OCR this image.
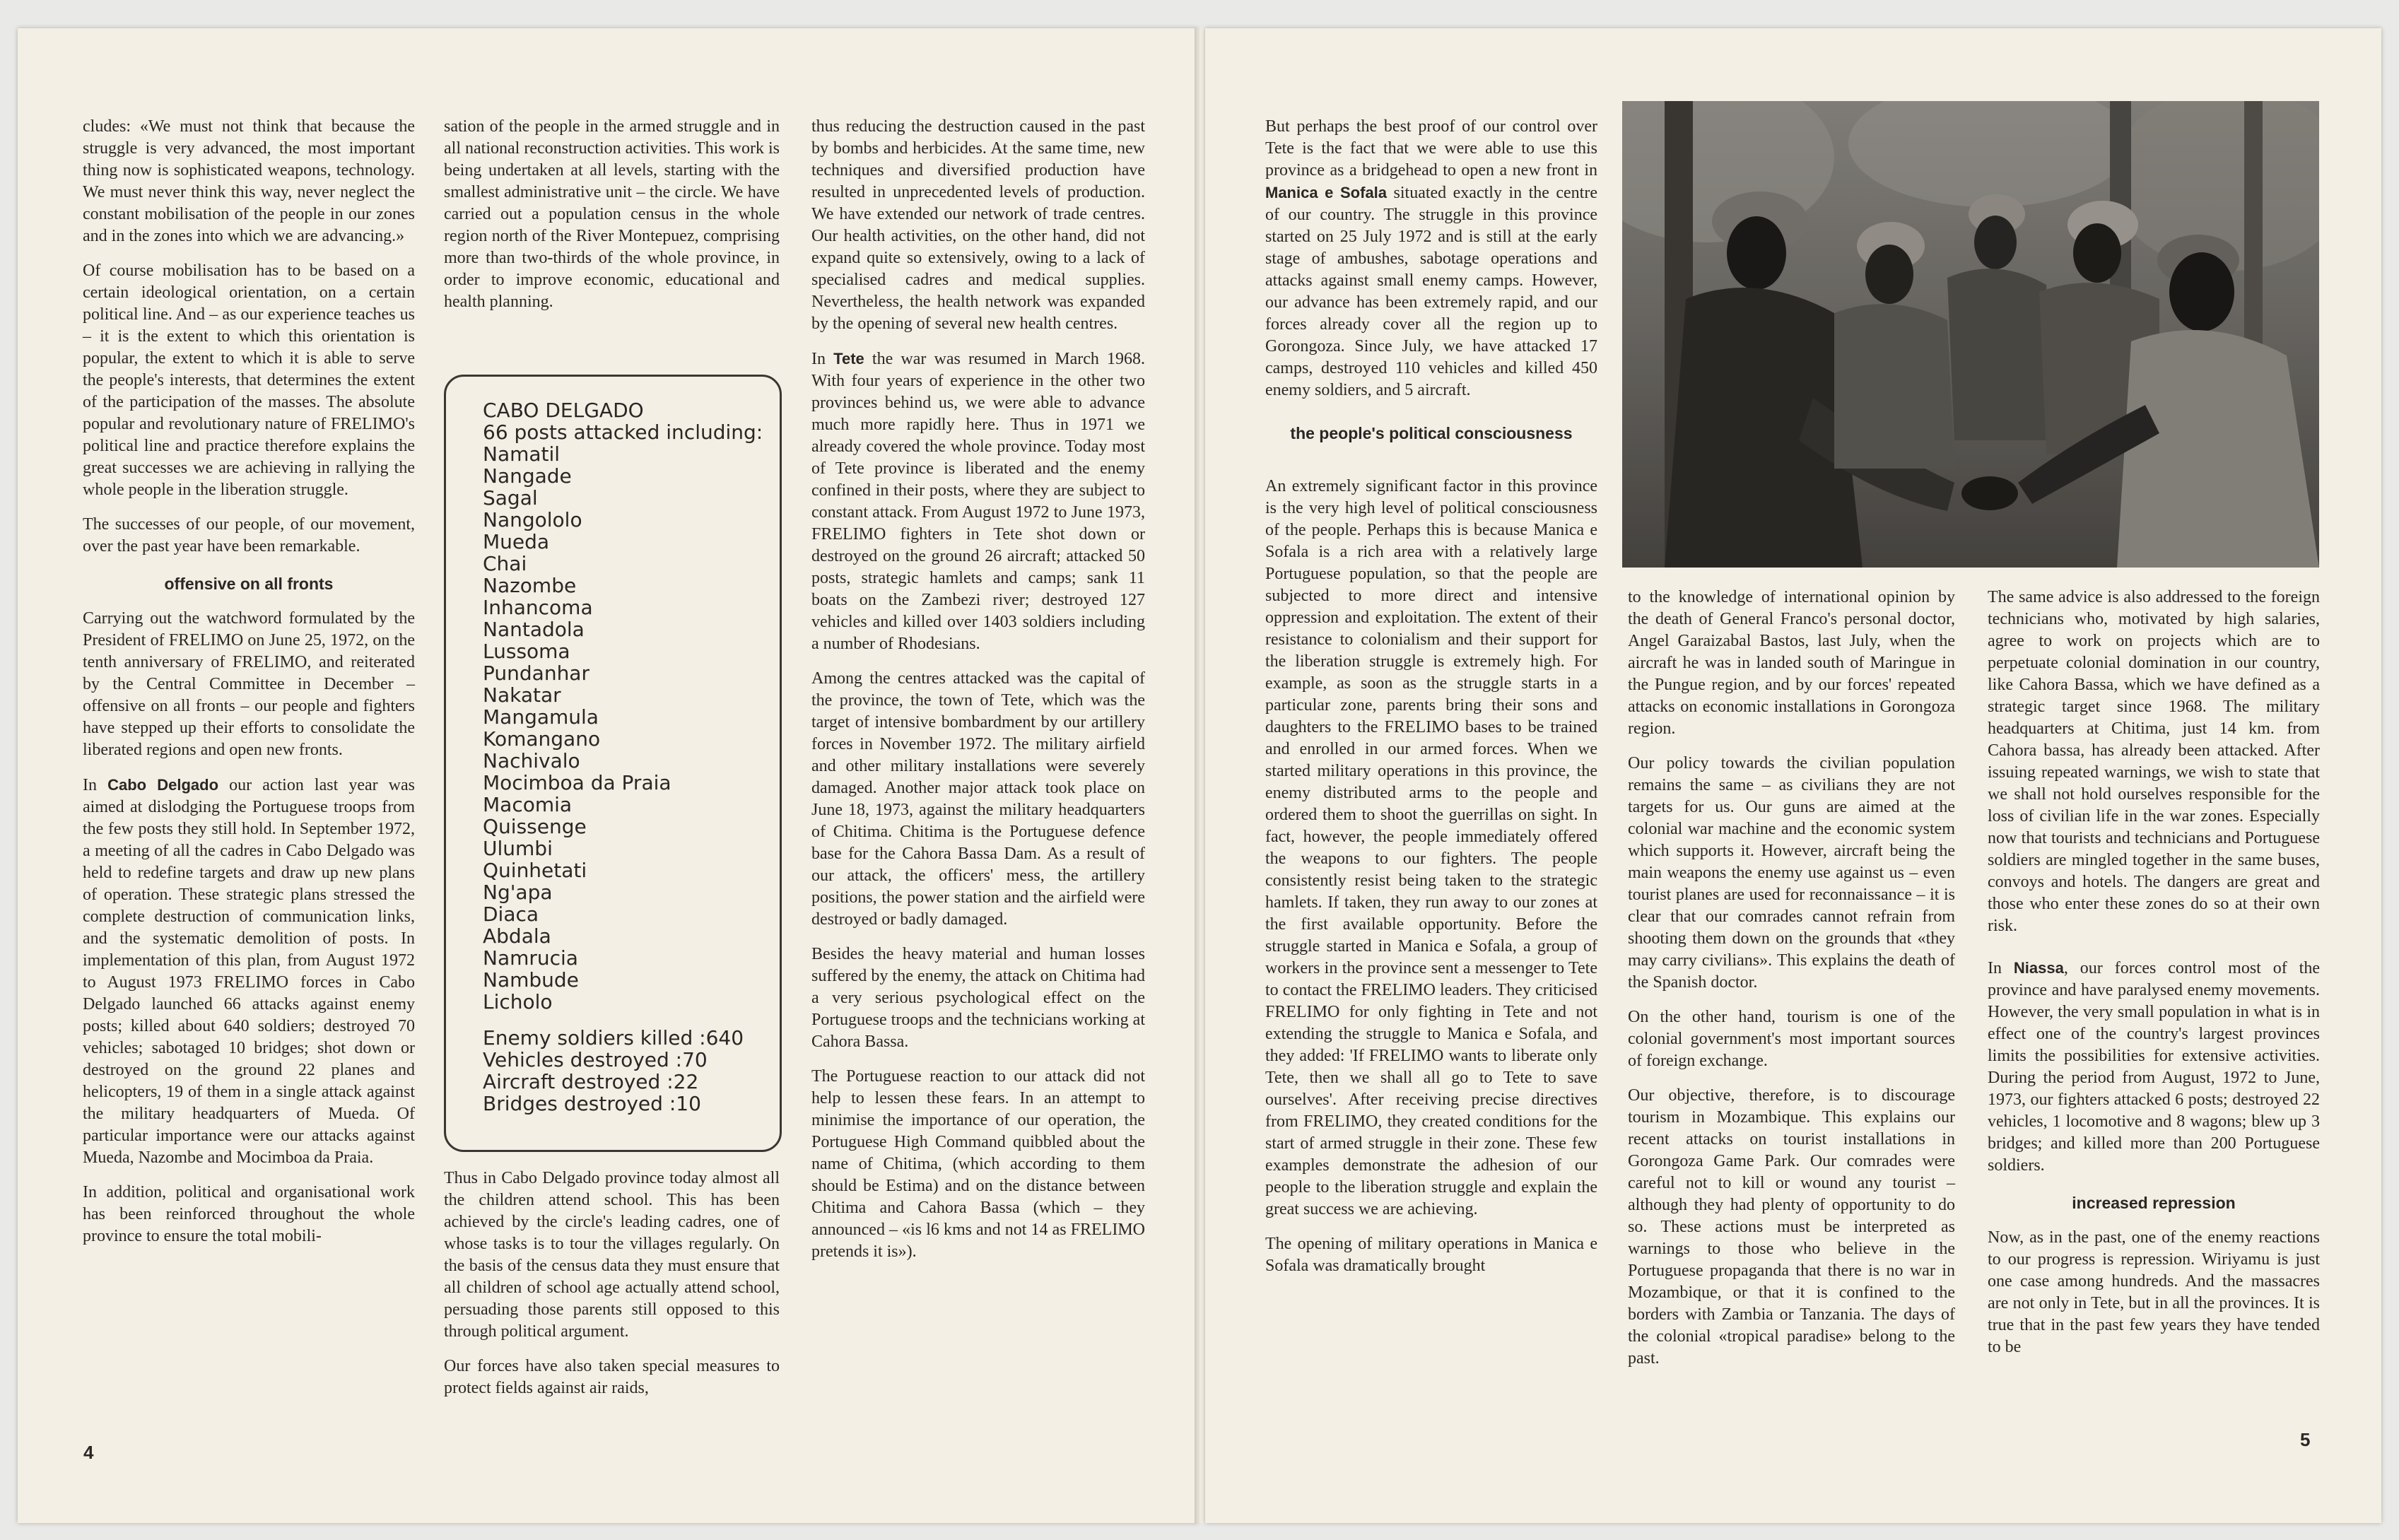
cludes: «We must not think that because the struggle is very advanced, the most important thing now is sophisticated weapons, technology. We must never think this way, never neglect the constant mobilisation of the people in our zones and in the zones into which we are advancing.»

Of course mobilisation has to be based on a certain ideological orientation, on a certain political line. And – as our experience teaches us – it is the extent to which this orientation is popular, the extent to which it is able to serve the people's interests, that determines the extent of the participation of the masses. The absolute popular and revolutionary nature of FRELIMO's political line and practice therefore explains the great successes we are achieving in rallying the whole people in the liberation struggle.

The successes of our people, of our movement, over the past year have been remarkable.

offensive on all fronts

Carrying out the watchword formulated by the President of FRELIMO on June 25, 1972, on the tenth anniversary of FRELIMO, and reiterated by the Central Committee in December – offensive on all fronts – our people and fighters have stepped up their efforts to consolidate the liberated regions and open new fronts.

In Cabo Delgado our action last year was aimed at dislodging the Portuguese troops from the few posts they still hold. In September 1972, a meeting of all the cadres in Cabo Delgado was held to redefine targets and draw up new plans of operation. These strategic plans stressed the complete destruction of communication links, and the systematic demolition of posts. In implementation of this plan, from August 1972 to August 1973 FRELIMO forces in Cabo Delgado launched 66 attacks against enemy posts; killed about 640 soldiers; destroyed 70 vehicles; sabotaged 10 bridges; shot down or destroyed on the ground 22 planes and helicopters, 19 of them in a single attack against the military headquarters of Mueda. Of particular importance were our attacks against Mueda, Nazombe and Mocimboa da Praia.

In addition, political and organisational work has been reinforced throughout the whole province to ensure the total mobili-

sation of the people in the armed struggle and in all national reconstruction activities. This work is being undertaken at all levels, starting with the smallest administrative unit – the circle. We have carried out a population census in the whole region north of the River Montepuez, comprising more than two-thirds of the whole province, in order to improve economic, educational and health planning.

CABO DELGADO
66 posts attacked including:
Namatil
Nangade
Sagal
Nangololo
Mueda
Chai
Nazombe
Inhancoma
Nantadola
Lussoma
Pundanhar
Nakatar
Mangamula
Komangano
Nachivalo
Mocimboa da Praia
Macomia
Quissenge
Ulumbi
Quinhetati
Ng'apa
Diaca
Abdala
Namrucia
Nambude
Licholo
Enemy soldiers killed :640
Vehicles destroyed :70
Aircraft destroyed :22
Bridges destroyed :10

Thus in Cabo Delgado province today almost all the children attend school. This has been achieved by the circle's leading cadres, one of whose tasks is to tour the villages regularly. On the basis of the census data they must ensure that all children of school age actually attend school, persuading those parents still opposed to this through political argument.

Our forces have also taken special measures to protect fields against air raids,

thus reducing the destruction caused in the past by bombs and herbicides. At the same time, new techniques and diversified production have resulted in unprecedented levels of production. We have extended our network of trade centres. Our health activities, on the other hand, did not expand quite so extensively, owing to a lack of specialised cadres and medical supplies. Nevertheless, the health network was expanded by the opening of several new health centres.

In Tete the war was resumed in March 1968. With four years of experience in the other two provinces behind us, we were able to advance much more rapidly here. Thus in 1971 we already covered the whole province. Today most of Tete province is liberated and the enemy confined in their posts, where they are subject to constant attack. From August 1972 to June 1973, FRELIMO fighters in Tete shot down or destroyed on the ground 26 aircraft; attacked 50 posts, strategic hamlets and camps; sank 11 boats on the Zambezi river; destroyed 127 vehicles and killed over 1403 soldiers including a number of Rhodesians.

Among the centres attacked was the capital of the province, the town of Tete, which was the target of intensive bombardment by our artillery forces in November 1972. The military airfield and other military installations were severely damaged. Another major attack took place on June 18, 1973, against the military headquarters of Chitima. Chitima is the Portuguese defence base for the Cahora Bassa Dam. As a result of our attack, the officers' mess, the artillery positions, the power station and the airfield were destroyed or badly damaged.

Besides the heavy material and human losses suffered by the enemy, the attack on Chitima had a very serious psychological effect on the Portuguese troops and the technicians working at Cahora Bassa.

The Portuguese reaction to our attack did not help to lessen these fears. In an attempt to minimise the importance of our operation, the Portuguese High Command quibbled about the name of Chitima, (which according to them should be Estima) and on the distance between Chitima and Cahora Bassa (which – they announced – «is l6 kms and not 14 as FRELIMO pretends it is»).

4

But perhaps the best proof of our control over Tete is the fact that we were able to use this province as a bridgehead to open a new front in Manica e Sofala situated exactly in the centre of our country. The struggle in this province started on 25 July 1972 and is still at the early stage of ambushes, sabotage operations and attacks against small enemy camps. However, our advance has been extremely rapid, and our forces already cover all the region up to Gorongoza. Since July, we have attacked 17 camps, destroyed 110 vehicles and killed 450 enemy soldiers, and 5 aircraft.

the people's political consciousness

An extremely significant factor in this province is the very high level of political consciousness of the people. Perhaps this is because Manica e Sofala is a rich area with a relatively large Portuguese population, so that the people are subjected to more direct and intensive oppression and exploitation. The extent of their resistance to colonialism and their support for the liberation struggle is extremely high. For example, as soon as the struggle starts in a particular zone, parents bring their sons and daughters to the FRELIMO bases to be trained and enrolled in our armed forces. When we started military operations in this province, the enemy distributed arms to the people and ordered them to shoot the guerrillas on sight. In fact, however, the people immediately offered the weapons to our fighters. The people consistently resist being taken to the strategic hamlets. If taken, they run away to our zones at the first available opportunity. Before the struggle started in Manica e Sofala, a group of workers in the province sent a messenger to Tete to contact the FRELIMO leaders. They criticised FRELIMO for only fighting in Tete and not extending the struggle to Manica e Sofala, and they added: 'If FRELIMO wants to liberate only Tete, then we shall all go to Tete to save ourselves'. After receiving precise directives from FRELIMO, they created conditions for the start of armed struggle in their zone. These few examples demonstrate the adhesion of our people to the liberation struggle and explain the great success we are achieving.

The opening of military operations in Manica e Sofala was dramatically brought

to the knowledge of international opinion by the death of General Franco's personal doctor, Angel Garaizabal Bastos, last July, when the aircraft he was in landed south of Maringue in the Pungue region, and by our forces' repeated attacks on economic installations in Gorongoza region.

Our policy towards the civilian population remains the same – as civilians they are not targets for us. Our guns are aimed at the colonial war machine and the economic system which supports it. However, aircraft being the main weapons the enemy use against us – even tourist planes are used for reconnaissance – it is clear that our comrades cannot refrain from shooting them down on the grounds that «they may carry civilians». This explains the death of the Spanish doctor.

On the other hand, tourism is one of the colonial government's most important sources of foreign exchange.

Our objective, therefore, is to discourage tourism in Mozambique. This explains our recent attacks on tourist installations in Gorongoza Game Park. Our comrades were careful not to kill or wound any tourist – although they had plenty of opportunity to do so. These actions must be interpreted as warnings to those who believe in the Portuguese propaganda that there is no war in Mozambique, or that it is confined to the borders with Zambia or Tanzania. The days of the colonial «tropical paradise» belong to the past.

The same advice is also addressed to the foreign technicians who, motivated by high salaries, agree to work on projects which are to perpetuate colonial domination in our country, like Cahora Bassa, which we have defined as a strategic target since 1968. The military headquarters at Chitima, just 14 km. from Cahora bassa, has already been attacked. After issuing repeated warnings, we wish to state that we shall not hold ourselves responsible for the loss of civilian life in the war zones. Especially now that tourists and technicians and Portuguese soldiers are mingled together in the same buses, convoys and hotels. The dangers are great and those who enter these zones do so at their own risk.

In Niassa, our forces control most of the province and have paralysed enemy movements. However, the very small population in what is in effect one of the country's largest provinces limits the possibilities for extensive activities. During the period from August, 1972 to June, 1973, our fighters attacked 6 posts; destroyed 22 vehicles, 1 locomotive and 8 wagons; blew up 3 bridges; and killed more than 200 Portuguese soldiers.

increased repression

Now, as in the past, one of the enemy reactions to our progress is repression. Wiriyamu is just one case among hundreds. And the massacres are not only in Tete, but in all the provinces. It is true that in the past few years they have tended to be

5
